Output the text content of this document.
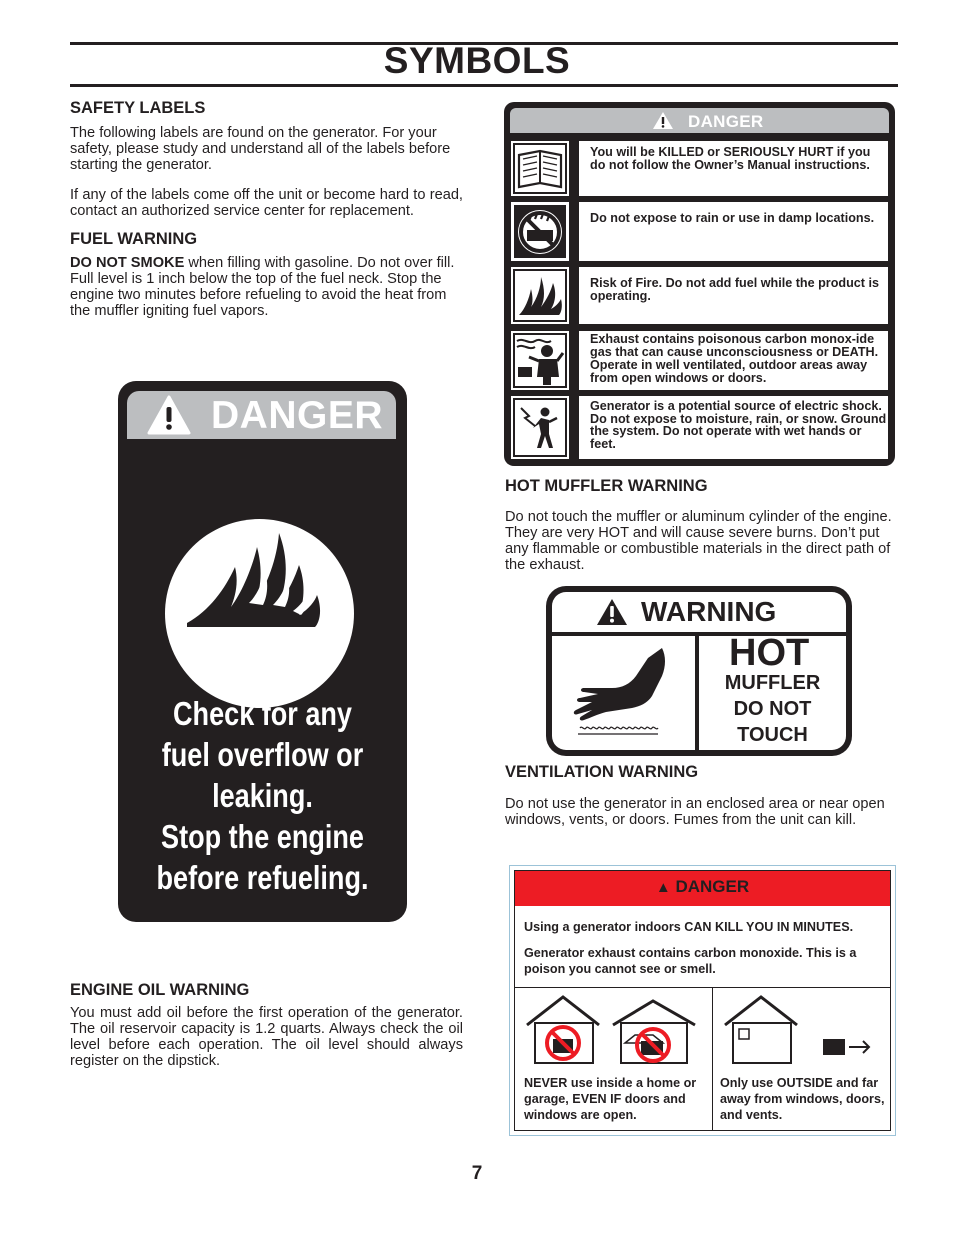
SYMBOLS
SAFETY LABELS

The following labels are found on the generator. For your safety, please study and understand all of the labels before starting the generator.

If any of the labels come off the unit or become hard to read, contact an authorized service center for replacement.

FUEL WARNING

DO NOT SMOKE when filling with gasoline. Do not over fill. Full level is 1 inch below the top of the fuel neck. Stop the engine two minutes before refueling to avoid the heat from the muffler igniting fuel vapors.

DANGER
Check for any
fuel overflow or
leaking.
Stop the engine
before refueling.
ENGINE OIL WARNING

You must add oil before the first operation of the generator. The oil reservoir capacity is 1.2 quarts. Always check the oil level before each operation. The oil level should always register on the dipstick.

DANGER
You will be KILLED or SERIOUSLY HURT if you do not follow the Owner’s Manual instructions.
Do not expose to rain or use in damp locations.
Risk of Fire. Do not add fuel while the product is operating.
Exhaust contains poisonous carbon monox-ide gas that can cause unconsciousness or DEATH. Operate in well ventilated, outdoor areas away from open windows or doors.
Generator is a potential source of electric shock. Do not expose to moisture, rain, or snow. Ground the system. Do not operate with wet hands or feet.
HOT MUFFLER WARNING

Do not touch the muffler or aluminum cylinder of the engine. They are very HOT and will cause severe burns. Don’t put any flammable or combustible materials in the direct path of the exhaust.

WARNING
HOT
MUFFLER
DO NOT
TOUCH
VENTILATION WARNING

Do not use the generator in an enclosed area or near open windows, vents, or doors. Fumes from the unit can kill.

▲ DANGER
Using a generator indoors CAN KILL YOU IN MINUTES.
Generator exhaust contains carbon monoxide. This is a poison you cannot see or smell.
NEVER use inside a home or garage, EVEN IF doors and windows are open.
Only use OUTSIDE and far away from windows, doors, and vents.
7
